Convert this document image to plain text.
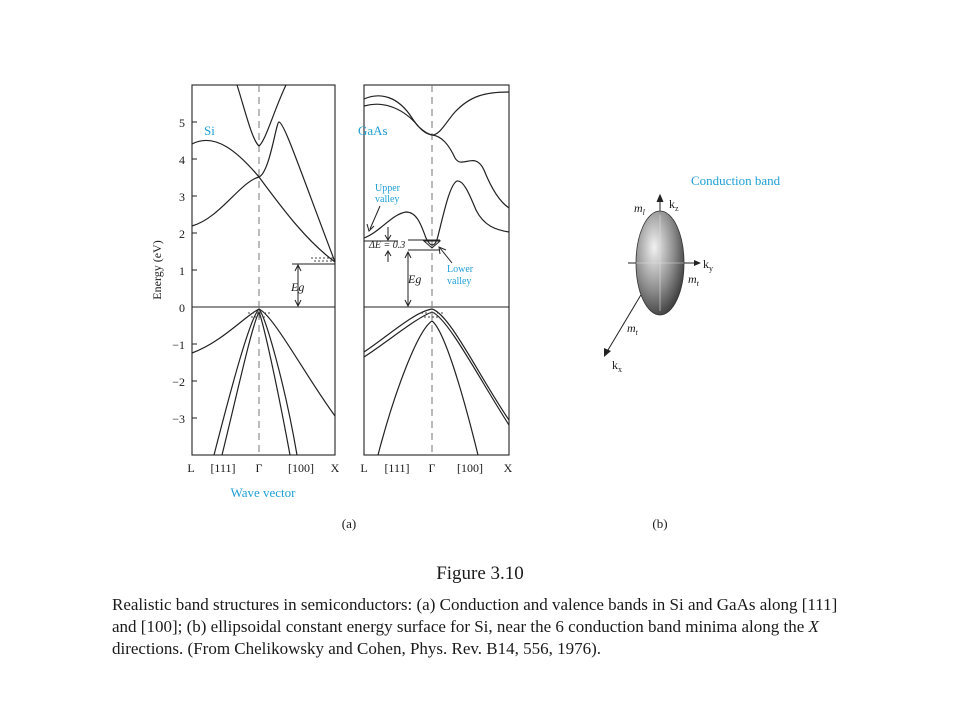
Energy (eV)
5
4
3
2
1
0
−1
−2
−3
Eg
Si
L [111] Γ [100] X
ΔE = 0.3
Eg
GaAs
Upper
valley
Lower
valley
L [111] Γ [100] X
Wave vector
(a)
Conduction band
$k_z$
$k_y$
$k_x$
$m_l$
$m_t$
$m_t$
(b)
Figure 3.10
Realistic band structures in semiconductors: (a) Conduction and valence bands in Si and GaAs along [111] and [100]; (b) ellipsoidal constant energy surface for Si, near the 6 conduction band minima along the X directions. (From Chelikowsky and Cohen, Phys. Rev. B14, 556, 1976).
